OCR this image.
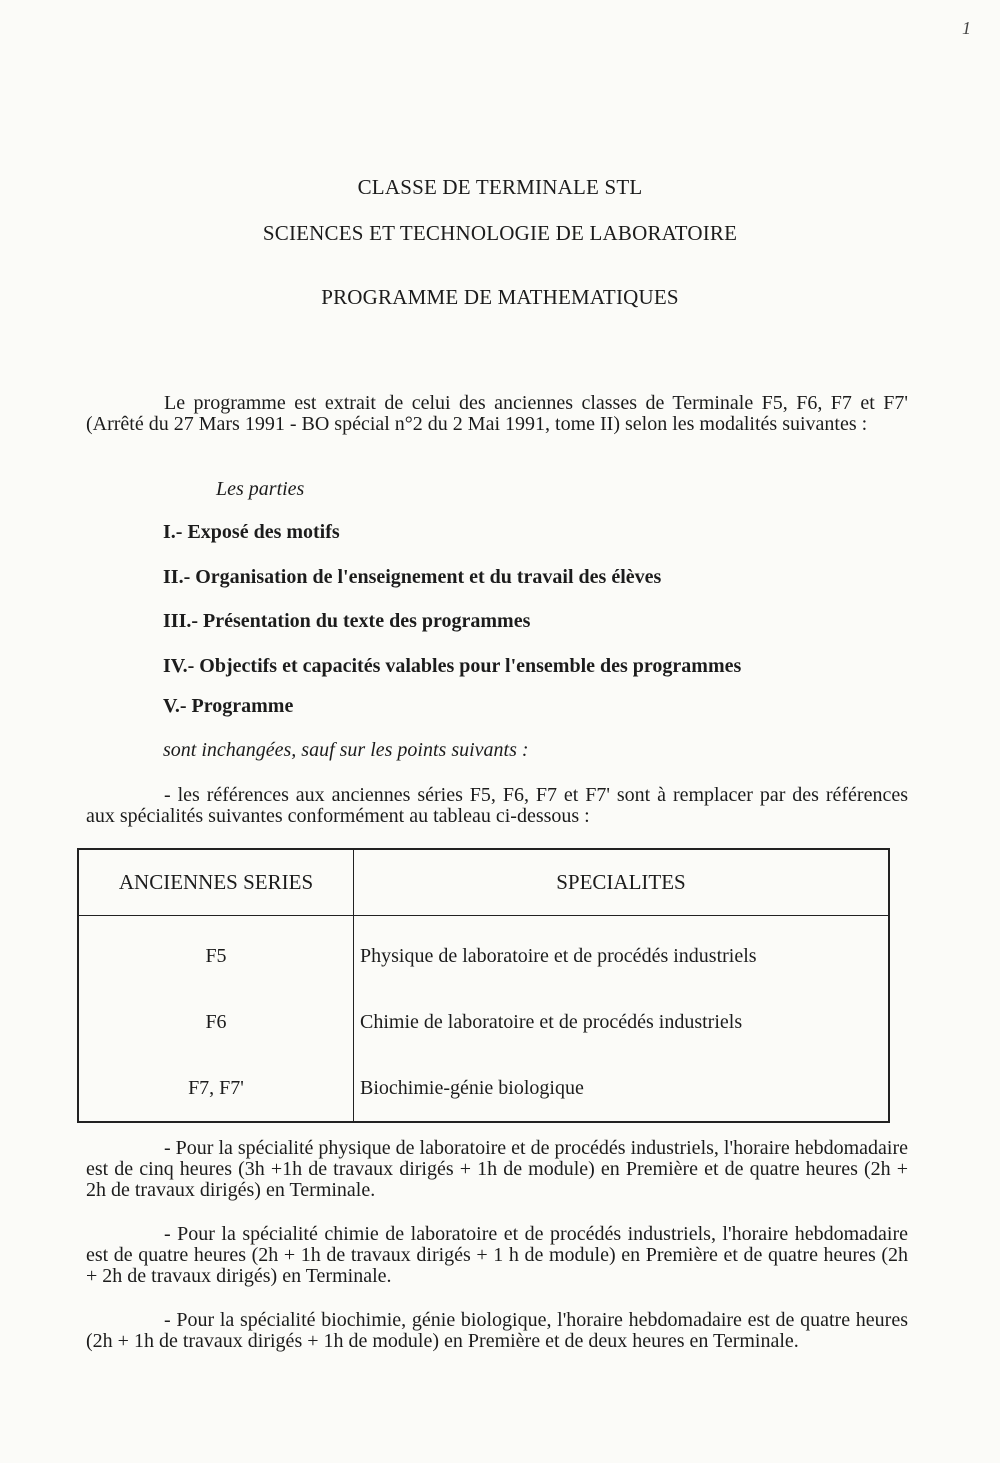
1
CLASSE DE TERMINALE STL
SCIENCES ET TECHNOLOGIE DE LABORATOIRE
PROGRAMME DE MATHEMATIQUES
Le programme est extrait de celui des anciennes classes de Terminale F5, F6, F7 et F7' (Arrêté du 27 Mars 1991 - BO spécial n°2 du 2 Mai 1991, tome II) selon les modalités suivantes :
Les parties
I.- Exposé des motifs
II.- Organisation de l'enseignement et du travail des élèves
III.- Présentation du texte des programmes
IV.- Objectifs et capacités valables pour l'ensemble des programmes
V.- Programme
sont inchangées, sauf sur les points suivants :
- les références aux anciennes séries F5, F6, F7 et F7' sont à remplacer par des références aux spécialités suivantes conformément au tableau ci-dessous :
ANCIENNES SERIES	SPECIALITES
F5	Physique de laboratoire et de procédés industriels
F6	Chimie de laboratoire et de procédés industriels
F7, F7'	Biochimie-génie biologique
- Pour la spécialité physique de laboratoire et de procédés industriels, l'horaire hebdomadaire est de cinq heures (3h +1h de travaux dirigés + 1h de module) en Première et de quatre heures (2h + 2h de travaux dirigés) en Terminale.
- Pour la spécialité chimie de laboratoire et de procédés industriels, l'horaire hebdomadaire est de quatre heures (2h + 1h de travaux dirigés + 1 h de module) en Première et de quatre heures (2h + 2h de travaux dirigés) en Terminale.
- Pour la spécialité biochimie, génie biologique, l'horaire hebdomadaire est de quatre heures (2h + 1h de travaux dirigés + 1h de module) en Première et de deux heures en Terminale.
